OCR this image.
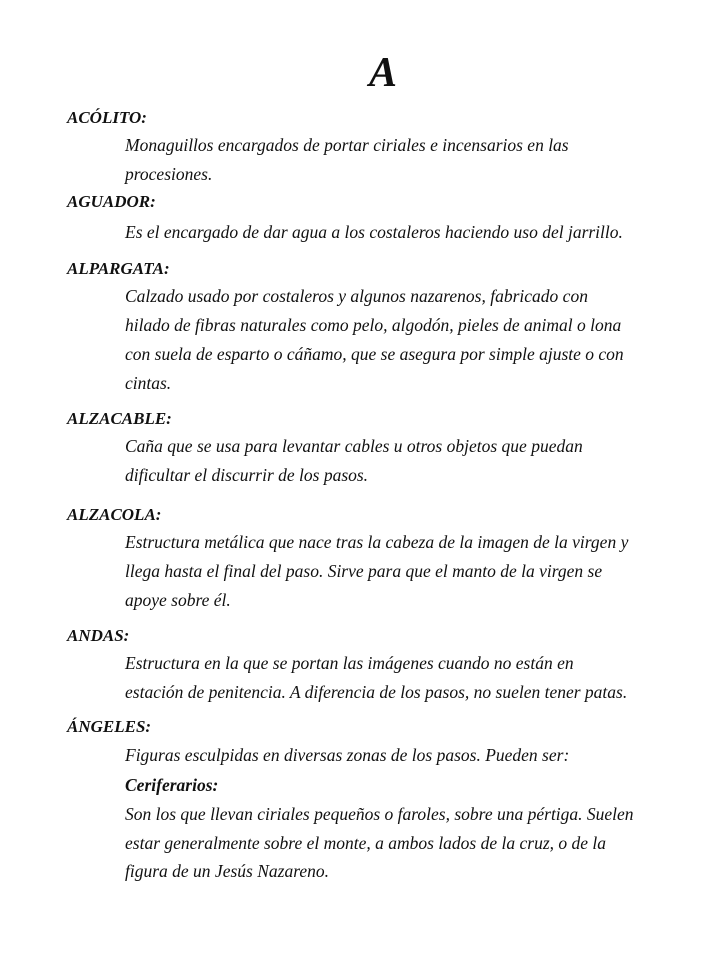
A
ACÓLITO:
Monaguillos encargados de portar ciriales e incensarios en las
procesiones.
AGUADOR:
Es el encargado de dar agua a los costaleros haciendo uso del jarrillo.
ALPARGATA:
Calzado usado por costaleros y algunos nazarenos, fabricado con
hilado de fibras naturales como pelo, algodón, pieles de animal o lona
con suela de esparto o cáñamo, que se asegura por simple ajuste o con
cintas.
ALZACABLE:
Caña que se usa para levantar cables u otros objetos que puedan
dificultar el discurrir de los pasos.
ALZACOLA:
Estructura metálica que nace tras la cabeza de la imagen de la virgen y
llega hasta el final del paso. Sirve para que el manto de la virgen se
apoye sobre él.
ANDAS:
Estructura en la que se portan las imágenes cuando no están en
estación de penitencia. A diferencia de los pasos, no suelen tener patas.
ÁNGELES:
Figuras esculpidas en diversas zonas de los pasos. Pueden ser:
Ceriferarios:
Son los que llevan ciriales pequeños o faroles, sobre una pértiga. Suelen
estar generalmente sobre el monte, a ambos lados de la cruz, o de la
figura de un Jesús Nazareno.
